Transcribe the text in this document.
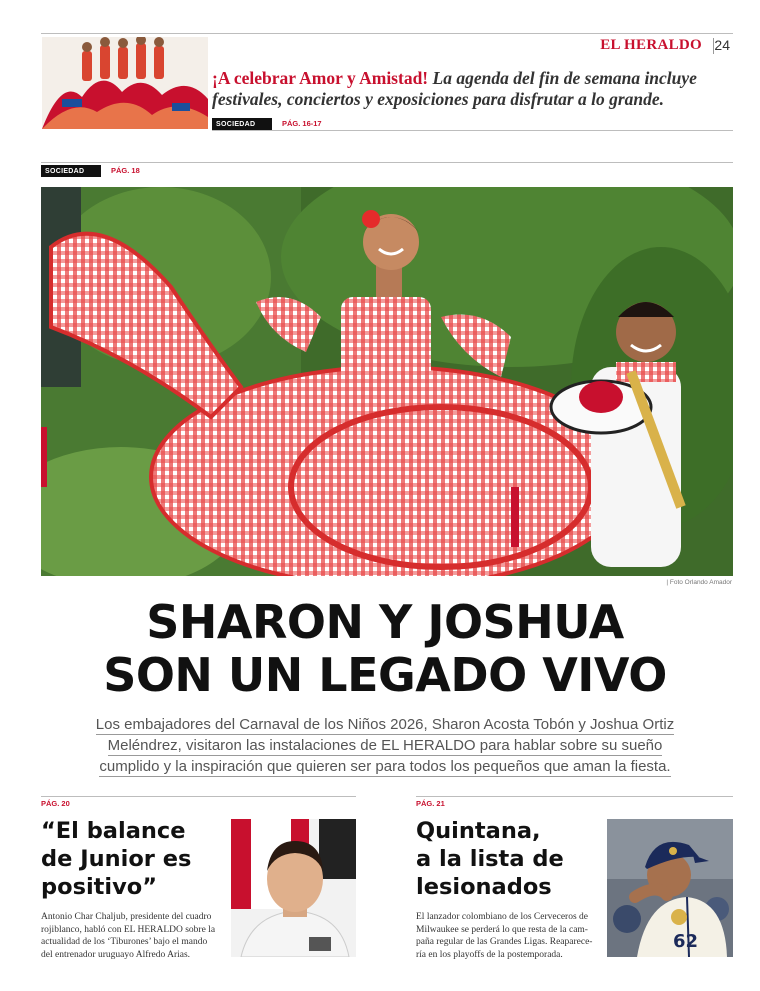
EL HERALDO 24
¡A celebrar Amor y Amistad! La agenda del fin de semana incluye festivales, conciertos y exposiciones para disfrutar a lo grande.
SOCIEDAD	PÁG. 16-17
SOCIEDAD	PÁG. 18
| Foto Orlando Amador
SHARON Y JOSHUA
SON UN LEGADO VIVO
Los embajadores del Carnaval de los Niños 2026, Sharon Acosta Tobón y Joshua Ortiz
Meléndrez, visitaron las instalaciones de EL HERALDO para hablar sobre su sueño
cumplido y la inspiración que quieren ser para todos los pequeños que aman la fiesta.
PÁG. 20
“El balance
de Junior es
positivo”
Antonio Char Chaljub, presidente del cuadro
rojiblanco, habló con EL HERALDO sobre la
actualidad de los ‘Tiburones’ bajo el mando
del entrenador uruguayo Alfredo Arias.
PÁG. 21
Quintana,
a la lista de
lesionados
El lanzador colombiano de los Cerveceros de
Milwaukee se perderá lo que resta de la cam-
paña regular de las Grandes Ligas. Reaparece-
ría en los playoffs de la postemporada.
62
